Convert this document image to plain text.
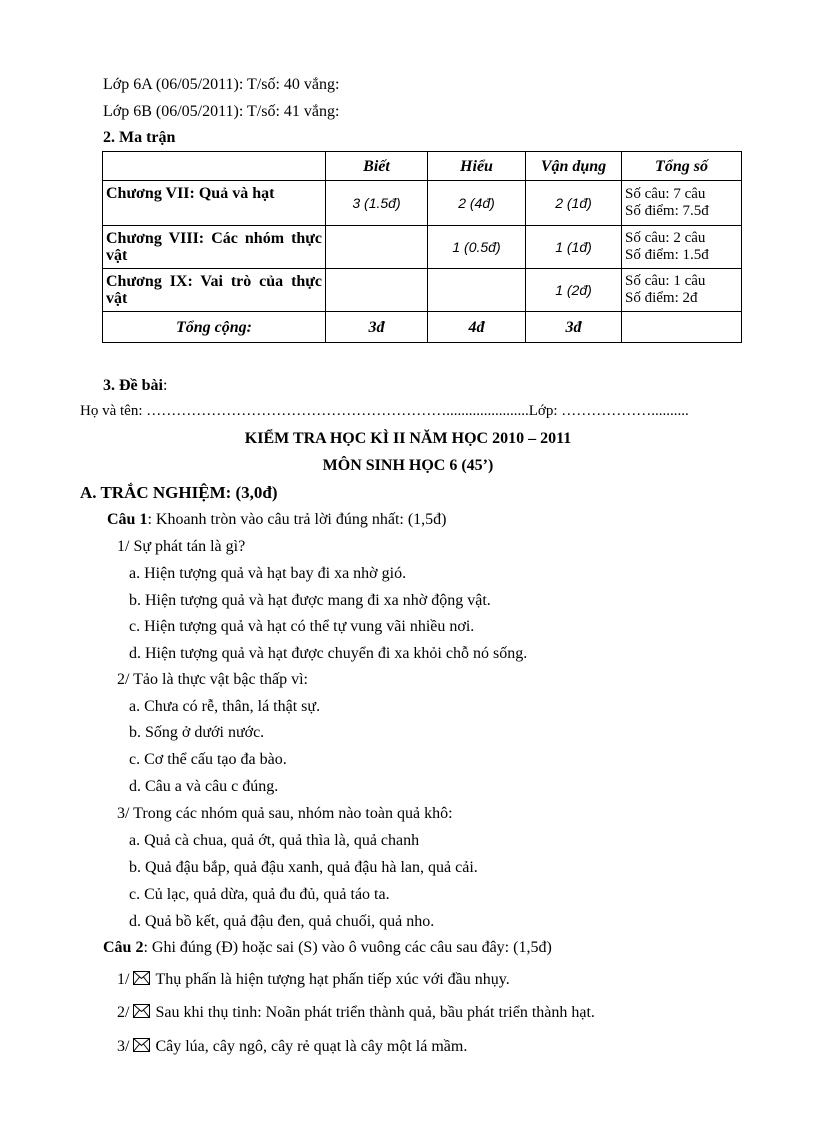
Lớp 6A (06/05/2011): T/số: 40 vắng:
Lớp 6B (06/05/2011): T/số: 41 vắng:
2. Ma trận
	Biết	Hiểu	Vận dụng	Tổng số
Chương VII: Quả và hạt	3 (1.5đ)	2 (4đ)	2 (1đ)	Số câu: 7 câu
Số điểm: 7.5đ

Chương VIII: Các nhóm thực vật		1 (0.5đ)	1 (1đ)	Số câu: 2 câu
Số điểm: 1.5đ

Chương IX: Vai trò của thực vật			1 (2đ)	Số câu: 1 câu
Số điểm: 2đ

Tổng cộng:	3đ	4đ	3đ	
3. Đề bài:
Họ và tên: ……………………………………………………......................Lớp: ………………..........
KIỂM TRA HỌC KÌ II NĂM HỌC 2010 – 2011
MÔN SINH HỌC 6 (45’)
A. TRẮC NGHIỆM: (3,0đ)
Câu 1: Khoanh tròn vào câu trả lời đúng nhất: (1,5đ)
1/ Sự phát tán là gì?
a. Hiện tượng quả và hạt bay đi xa nhờ gió.
b. Hiện tượng quả và hạt được mang đi xa nhờ động vật.
c. Hiện tượng quả và hạt có thể tự vung vãi nhiều nơi.
d. Hiện tượng quả và hạt được chuyển đi xa khỏi chỗ nó sống.
2/ Tảo là thực vật bậc thấp vì:
a. Chưa có rễ, thân, lá thật sự.
b. Sống ở dưới nước.
c. Cơ thể cấu tạo đa bào.
d. Câu a và câu c đúng.
3/ Trong các nhóm quả sau, nhóm nào toàn quả khô:
a. Quả cà chua, quả ớt, quả thìa là, quả chanh
b. Quả đậu bắp, quả đậu xanh, quả đậu hà lan, quả cải.
c. Củ lạc, quả dừa, quả đu đủ, quả táo ta.
d. Quả bồ kết, quả đậu đen, quả chuối, quả nho.
Câu 2: Ghi đúng (Đ) hoặc sai (S) vào ô vuông các câu sau đây: (1,5đ)
1/ Thụ phấn là hiện tượng hạt phấn tiếp xúc với đầu nhụy.
2/ Sau khi thụ tinh: Noãn phát triển thành quả, bầu phát triển thành hạt.
3/ Cây lúa, cây ngô, cây rẻ quạt là cây một lá mầm.
